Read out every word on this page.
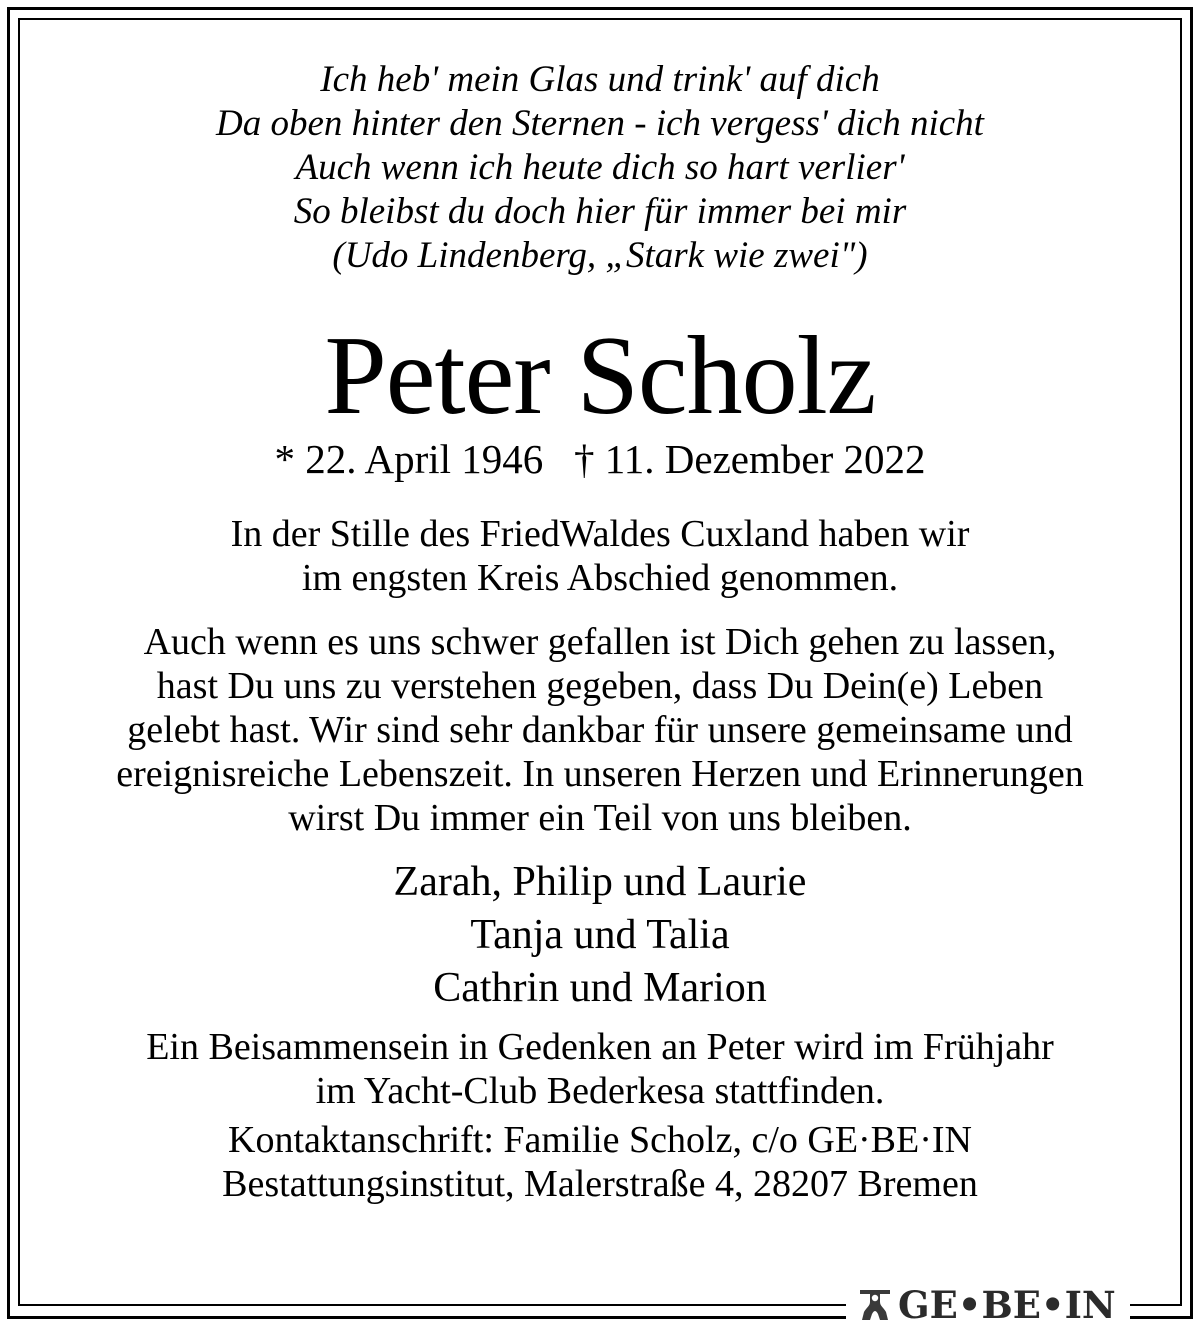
Ich heb' mein Glas und trink' auf dich
Da oben hinter den Sternen - ich vergess' dich nicht
Auch wenn ich heute dich so hart verlier'
So bleibst du doch hier für immer bei mir
(Udo Lindenberg, „Stark wie zwei")
Peter Scholz
* 22. April 1946 † 11. Dezember 2022
In der Stille des FriedWaldes Cuxland haben wir
im engsten Kreis Abschied genommen.
Auch wenn es uns schwer gefallen ist Dich gehen zu lassen,
hast Du uns zu verstehen gegeben, dass Du Dein(e) Leben
gelebt hast. Wir sind sehr dankbar für unsere gemeinsame und
ereignisreiche Lebenszeit. In unseren Herzen und Erinnerungen
wirst Du immer ein Teil von uns bleiben.
Zarah, Philip und Laurie
Tanja und Talia
Cathrin und Marion
Ein Beisammensein in Gedenken an Peter wird im Frühjahr
im Yacht-Club Bederkesa stattfinden.
Kontaktanschrift: Familie Scholz, c/o GE·BE·IN
Bestattungsinstitut, Malerstraße 4, 28207 Bremen
GE•BE•IN
